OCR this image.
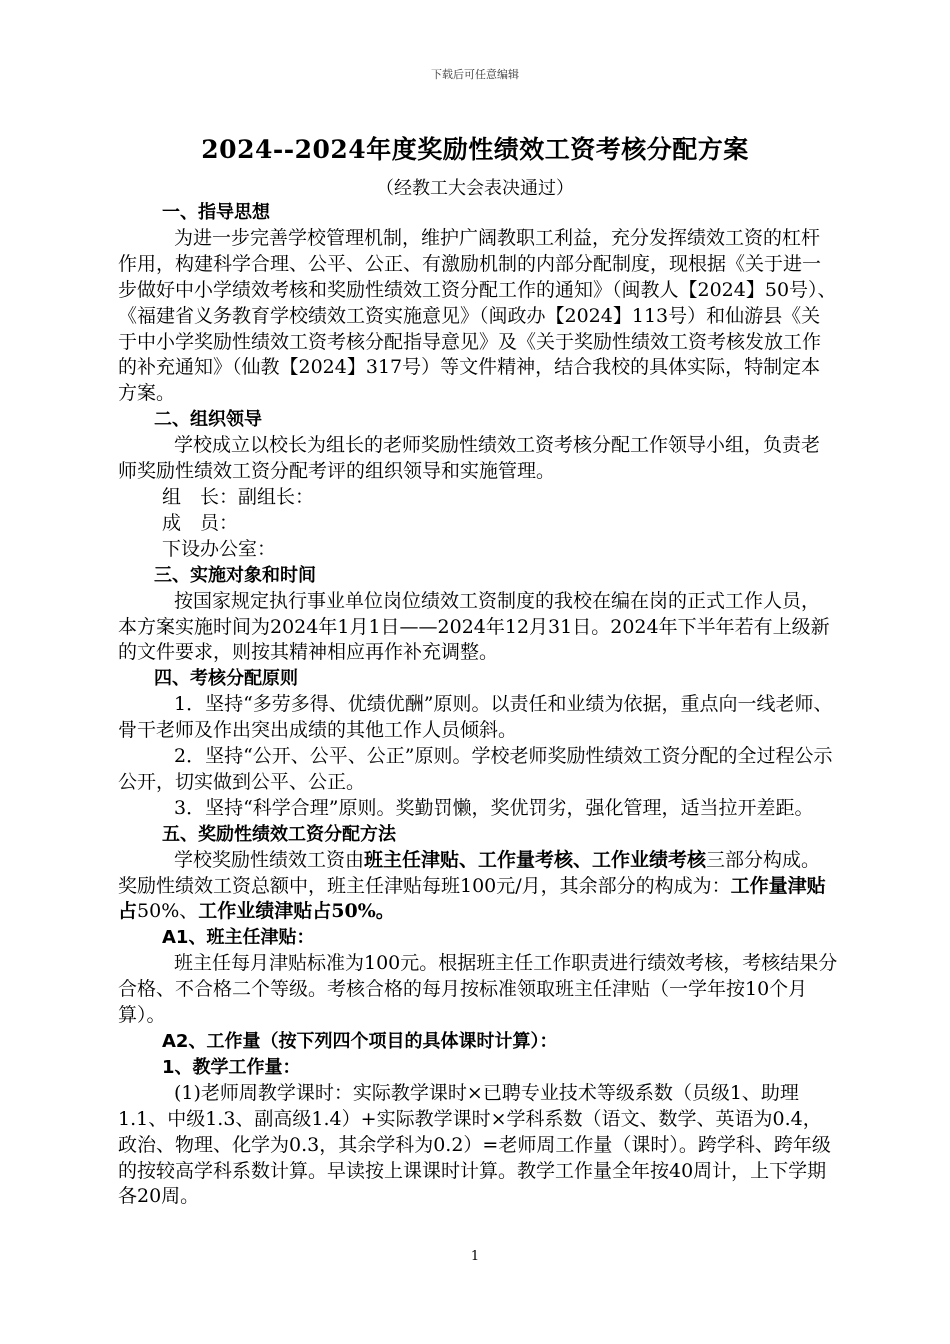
下载后可任意编辑
2024--2024年度奖励性绩效工资考核分配方案
（经教工大会表决通过）

一、指导思想

为进一步完善学校管理机制，维护广阔教职工利益，充分发挥绩效工资的杠杆作用，构建科学合理、公平、公正、有激励机制的内部分配制度，现根据《关于进一步做好中小学绩效考核和奖励性绩效工资分配工作的通知》（闽教人【2024】50号）、《福建省义务教育学校绩效工资实施意见》（闽政办【2024】113号）和仙游县《关于中小学奖励性绩效工资考核分配指导意见》及《关于奖励性绩效工资考核发放工作的补充通知》（仙教【2024】317号）等文件精神，结合我校的具体实际，特制定本方案。

二、组织领导

学校成立以校长为组长的老师奖励性绩效工资考核分配工作领导小组，负责老师奖励性绩效工资分配考评的组织领导和实施管理。

组　长：副组长：

成　员：

下设办公室：

三、实施对象和时间

按国家规定执行事业单位岗位绩效工资制度的我校在编在岗的正式工作人员，本方案实施时间为2024年1月1日——2024年12月31日。2024年下半年若有上级新的文件要求，则按其精神相应再作补充调整。

四、考核分配原则

1．坚持“多劳多得、优绩优酬”原则。以责任和业绩为依据，重点向一线老师、骨干老师及作出突出成绩的其他工作人员倾斜。

2．坚持“公开、公平、公正”原则。学校老师奖励性绩效工资分配的全过程公示公开，切实做到公平、公正。

3．坚持“科学合理”原则。奖勤罚懒，奖优罚劣，强化管理，适当拉开差距。

五、奖励性绩效工资分配方法

学校奖励性绩效工资由班主任津贴、工作量考核、工作业绩考核三部分构成。奖励性绩效工资总额中，班主任津贴每班100元/月，其余部分的构成为：工作量津贴占50%、工作业绩津贴占50%。

A1、班主任津贴：

班主任每月津贴标准为100元。根据班主任工作职责进行绩效考核，考核结果分合格、不合格二个等级。考核合格的每月按标准领取班主任津贴（一学年按10个月算）。

A2、工作量（按下列四个项目的具体课时计算）：

1、教学工作量：

(1)老师周教学课时：实际教学课时×已聘专业技术等级系数（员级1、助理1.1、中级1.3、副高级1.4）+实际教学课时×学科系数（语文、数学、英语为0.4，政治、物理、化学为0.3，其余学科为0.2）=老师周工作量（课时）。跨学科、跨年级的按较高学科系数计算。早读按上课课时计算。教学工作量全年按40周计，上下学期各20周。

1
